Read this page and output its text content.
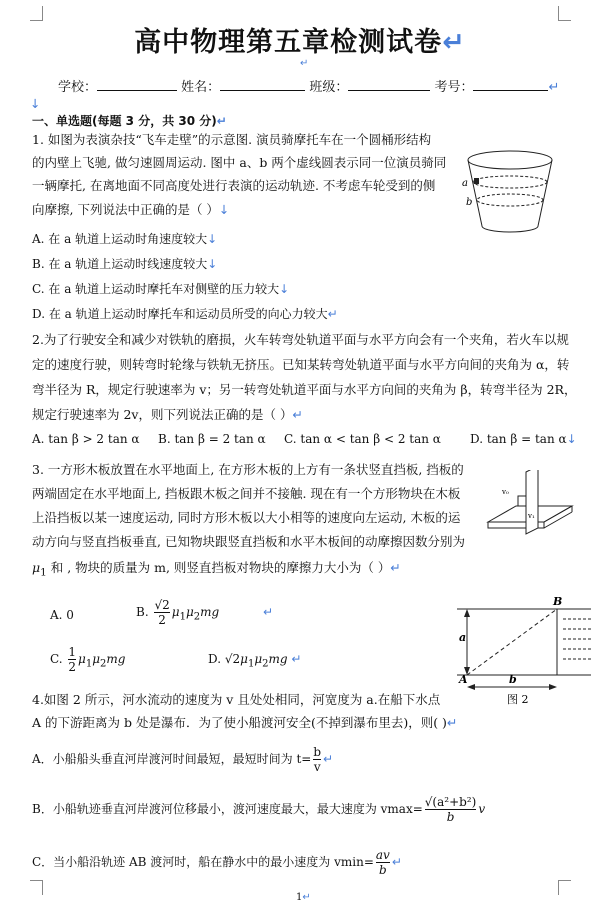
高中物理第五章检测试卷↵
↵
学校：	姓名：	班级：	考号：	↵
↓
一、单选题(每题 3 分，共 30 分)↵
1. 如图为表演杂技“飞车走壁”的示意图. 演员骑摩托车在一个圆桶形结构
的内壁上飞驰, 做匀速圆周运动. 图中 a、b 两个虚线圆表示同一位演员骑同
一辆摩托, 在离地面不同高度处进行表演的运动轨迹. 不考虑车轮受到的侧
向摩擦, 下列说法中正确的是（ ）↓
A. 在 a 轨道上运动时角速度较大↓
B. 在 a 轨道上运动时线速度较大↓
C. 在 a 轨道上运动时摩托车对侧壁的压力较大↓
D. 在 a 轨道上运动时摩托车和运动员所受的向心力较大↵
a
b
2.为了行驶安全和减少对铁轨的磨损，火车转弯处轨道平面与水平方向会有一个夹角，若火车以规
定的速度行驶，则转弯时轮缘与铁轨无挤压。已知某转弯处轨道平面与水平方向间的夹角为 α，转
弯半径为 R，规定行驶速率为 v；另一转弯处轨道平面与水平方向间的夹角为 β，转弯半径为 2R，
规定行驶速率为 2v，则下列说法正确的是（ ）↵
A. tan β > 2 tan α B. tan β = 2 tan α C. tan α < tan β < 2 tan α D. tan β = tan α↓
3. 一方形木板放置在水平地面上, 在方形木板的上方有一条状竖直挡板, 挡板的
两端固定在水平地面上, 挡板跟木板之间并不接触. 现在有一个方形物块在木板
上沿挡板以某一速度运动, 同时方形木板以大小相等的速度向左运动, 木板的运
动方向与竖直挡板垂直, 已知物块跟竖直挡板和水平木板间的动摩擦因数分别为
$\mu_1$ 和 , 物块的质量为 m, 则竖直挡板对物块的摩擦力大小为（ ）↵
v₀
v₁
A. 0	B. $\frac{√2}{2} \mu_1\mu_2mg$	↵
C. $\frac{1}{2} \mu_1\mu_2mg$	D. $√2\mu_1\mu_2mg$ ↵
B
a
A	b
图 2
4.如图 2 所示，河水流动的速度为 v 且处处相同，河宽度为 a.在船下水点
A 的下游距离为 b 处是瀑布．为了使小船渡河安全(不掉到瀑布里去)，则( )↵
A．小船船头垂直河岸渡河时间最短，最短时间为 $t= \frac{b}{v}$ ↵
B．小船轨迹垂直河岸渡河位移最小，渡河速度最大，最大速度为 $vmax= \frac{\text{√(a²+b²)}}{b}$ v
C．当小船沿轨迹 AB 渡河时，船在静水中的最小速度为 $vmin= \frac{av}{b}$ ↵
1↵
